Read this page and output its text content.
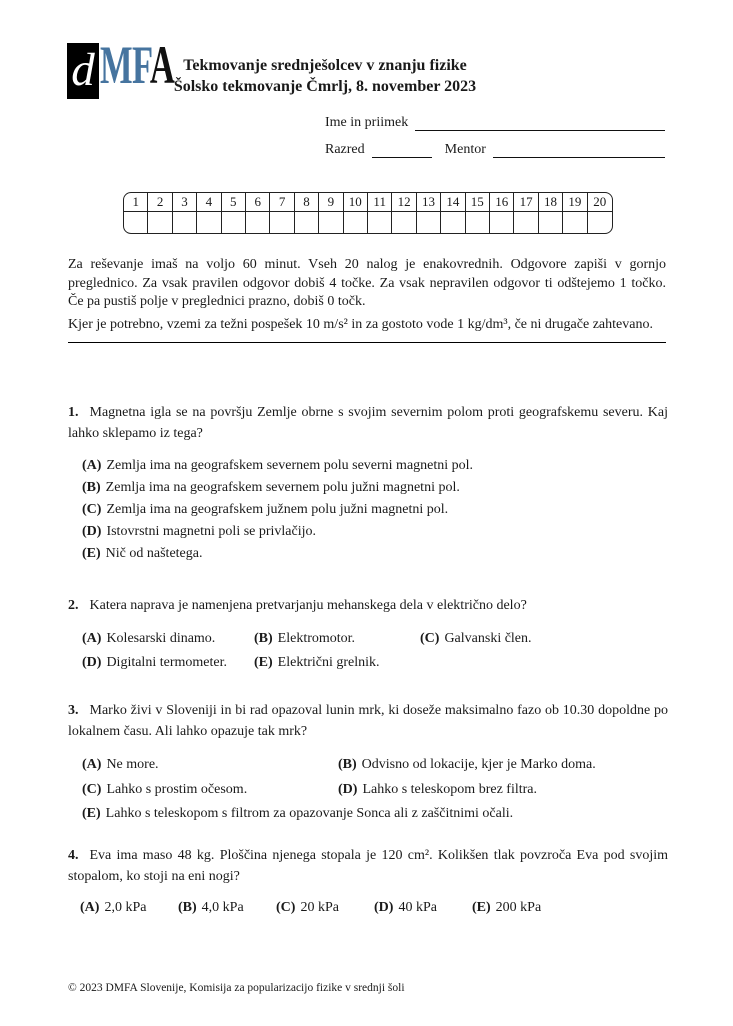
d MFA Tekmovanje srednješolcev v znanju fizike
Šolsko tekmovanje Čmrlj, 8. november 2023
Ime in priimek
Razred	Mentor
1	2	3	4	5	6	7	8	9	10 11 12 13 14 15 16 17 18 19 20

Za reševanje imaš na voljo 60 minut. Vseh 20 nalog je enakovrednih. Odgovore zapiši v gornjo preglednico. Za vsak pravilen odgovor dobiš 4 točke. Za vsak nepravilen odgovor ti odštejemo 1 točko. Če pa pustiš polje v preglednici prazno, dobiš 0 točk.

Kjer je potrebno, vzemi za težni pospešek 10 m/s² in za gostoto vode 1 kg/dm³, če ni drugače zahtevano.

1. Magnetna igla se na površju Zemlje obrne s svojim severnim polom proti geografskemu severu. Kaj lahko sklepamo iz tega?

(A) Zemlja ima na geografskem severnem polu severni magnetni pol.
(B) Zemlja ima na geografskem severnem polu južni magnetni pol.
(C) Zemlja ima na geografskem južnem polu južni magnetni pol.
(D) Istovrstni magnetni poli se privlačijo.
(E) Nič od naštetega.

2. Katera naprava je namenjena pretvarjanju mehanskega dela v električno delo?

(A) Kolesarski dinamo.	(B) Elektromotor.	(C) Galvanski člen.
(D) Digitalni termometer.	(E) Električni grelnik.

3. Marko živi v Sloveniji in bi rad opazoval lunin mrk, ki doseže maksimalno fazo ob 10.30 dopoldne po lokalnem času. Ali lahko opazuje tak mrk?

(A) Ne more.	(B) Odvisno od lokacije, kjer je Marko doma.
(C) Lahko s prostim očesom.	(D) Lahko s teleskopom brez filtra.
(E) Lahko s teleskopom s filtrom za opazovanje Sonca ali z zaščitnimi očali.

4. Eva ima maso 48 kg. Ploščina njenega stopala je 120 cm². Kolikšen tlak povzroča Eva pod svojim stopalom, ko stoji na eni nogi?

(A) 2,0 kPa	(B) 4,0 kPa	(C) 20 kPa	(D) 40 kPa	(E) 200 kPa
© 2023 DMFA Slovenije, Komisija za popularizacijo fizike v srednji šoli
